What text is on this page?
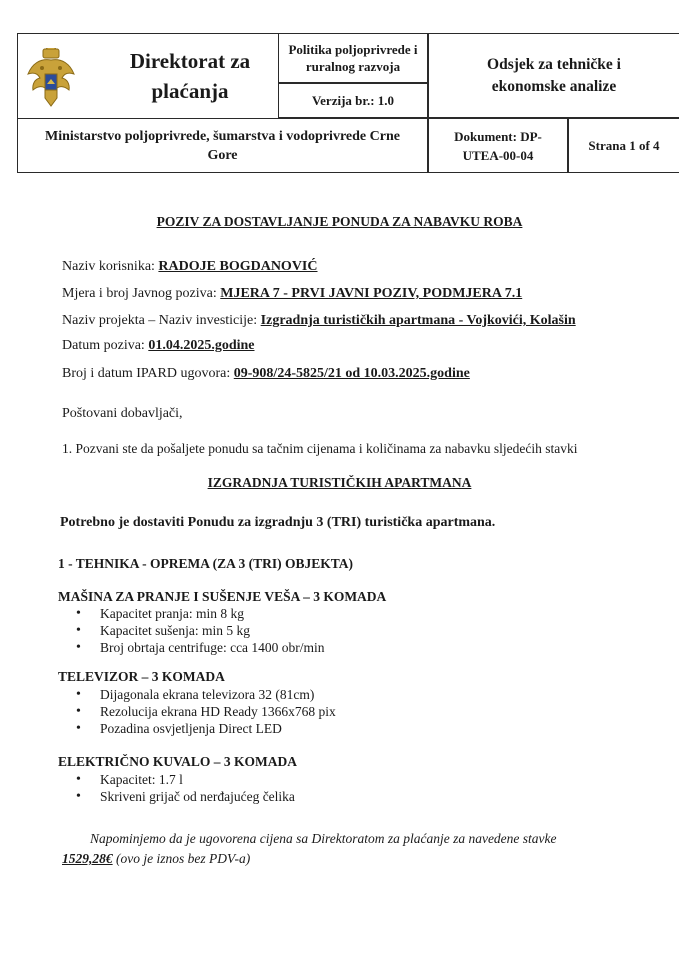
Direktorat za plaćanja
Politika poljoprivrede i ruralnog razvoja
Verzija br.: 1.0
Odsjek za tehničke i ekonomske analize
Ministarstvo poljoprivrede, šumarstva i vodoprivrede Crne Gore
Dokument: DP-UTEA-00-04
Strana 1 of 4
POZIV ZA DOSTAVLJANJE PONUDA ZA NABAVKU ROBA
Naziv korisnika: RADOJE BOGDANOVIĆ
Mjera i broj Javnog poziva: MJERA 7 - PRVI JAVNI POZIV, PODMJERA 7.1
Naziv projekta – Naziv investicije: Izgradnja turističkih apartmana - Vojkovići, Kolašin
Datum poziva: 01.04.2025.godine
Broj i datum IPARD ugovora: 09-908/24-5825/21 od 10.03.2025.godine
Poštovani dobavljači,
1. Pozvani ste da pošaljete ponudu sa tačnim cijenama i količinama za nabavku sljedećih stavki
IZGRADNJA TURISTIČKIH APARTMANA
Potrebno je dostaviti Ponudu za izgradnju 3 (TRI) turistička apartmana.
1 - TEHNIKA - OPREMA (ZA 3 (TRI) OBJEKTA)
MAŠINA ZA PRANJE I SUŠENJE VEŠA – 3 KOMADA
• Kapacitet pranja: min 8 kg
• Kapacitet sušenja: min 5 kg
• Broj obrtaja centrifuge: cca 1400 obr/min
TELEVIZOR – 3 KOMADA
• Dijagonala ekrana televizora 32 (81cm)
• Rezolucija ekrana HD Ready 1366x768 pix
• Pozadina osvjetljenja Direct LED
ELEKTRIČNO KUVALO – 3 KOMADA
• Kapacitet: 1.7 l
• Skriveni grijač od nerđajućeg čelika
Napominjemo da je ugovorena cijena sa Direktoratom za plaćanje za navedene stavke
1529,28€ (ovo je iznos bez PDV-a)
